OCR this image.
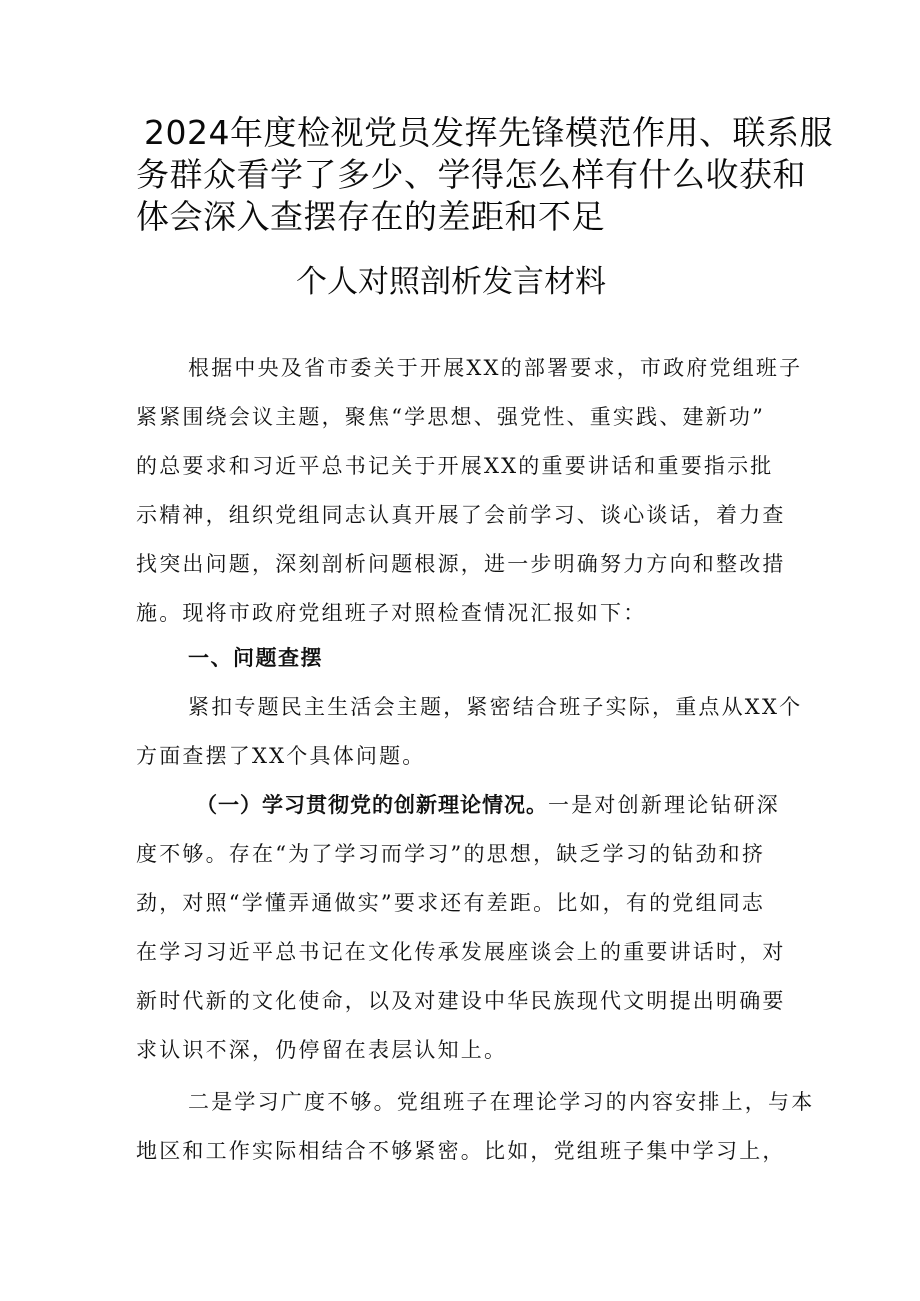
2024年度检视党员发挥先锋模范作用、联系服
务群众看学了多少、学得怎么样有什么收获和
体会深入查摆存在的差距和不足
个人对照剖析发言材料
根据中央及省市委关于开展XX的部署要求，市政府党组班子
紧紧围绕会议主题，聚焦“学思想、强党性、重实践、建新功”
的总要求和习近平总书记关于开展XX的重要讲话和重要指示批
示精神，组织党组同志认真开展了会前学习、谈心谈话，着力查
找突出问题，深刻剖析问题根源，进一步明确努力方向和整改措
施。现将市政府党组班子对照检查情况汇报如下：
一、问题查摆
紧扣专题民主生活会主题，紧密结合班子实际，重点从XX个
方面查摆了XX个具体问题。
（一）学习贯彻党的创新理论情况。一是对创新理论钻研深
度不够。存在“为了学习而学习”的思想，缺乏学习的钻劲和挤
劲，对照“学懂弄通做实”要求还有差距。比如，有的党组同志
在学习习近平总书记在文化传承发展座谈会上的重要讲话时，对
新时代新的文化使命，以及对建设中华民族现代文明提出明确要
求认识不深，仍停留在表层认知上。
二是学习广度不够。党组班子在理论学习的内容安排上，与本
地区和工作实际相结合不够紧密。比如，党组班子集中学习上，
